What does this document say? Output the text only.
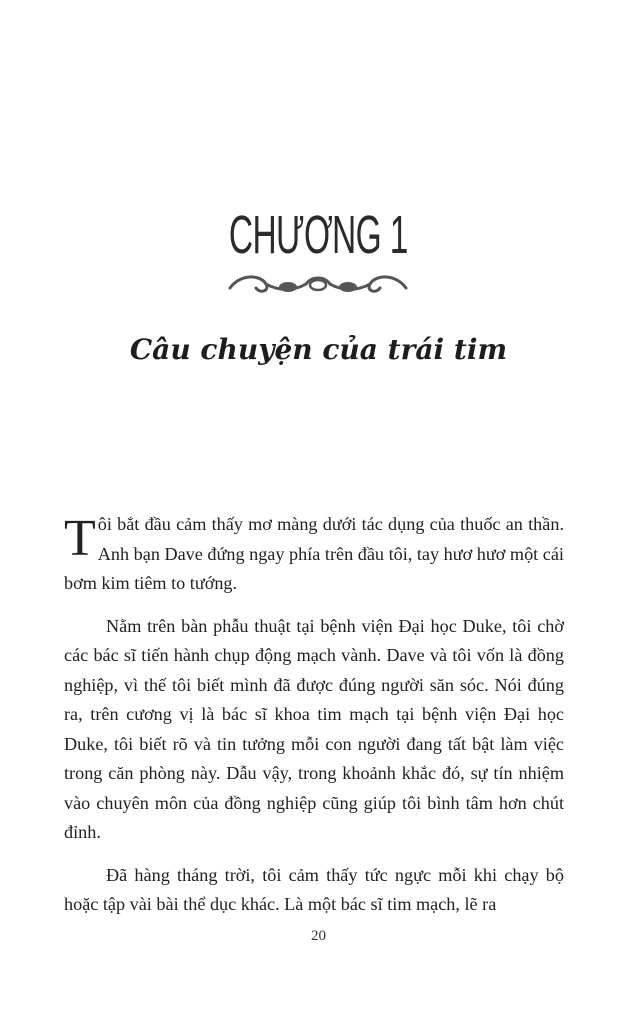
CHƯƠNG 1
Câu chuyện của trái tim

Tôi bắt đầu cảm thấy mơ màng dưới tác dụng của thuốc an thần. Anh bạn Dave đứng ngay phía trên đầu tôi, tay hươ hươ một cái bơm kim tiêm to tướng.

Nằm trên bàn phẫu thuật tại bệnh viện Đại học Duke, tôi chờ các bác sĩ tiến hành chụp động mạch vành. Dave và tôi vốn là đồng nghiệp, vì thế tôi biết mình đã được đúng người săn sóc. Nói đúng ra, trên cương vị là bác sĩ khoa tim mạch tại bệnh viện Đại học Duke, tôi biết rõ và tin tưởng mỗi con người đang tất bật làm việc trong căn phòng này. Dẫu vậy, trong khoảnh khắc đó, sự tín nhiệm vào chuyên môn của đồng nghiệp cũng giúp tôi bình tâm hơn chút đỉnh.

Đã hàng tháng trời, tôi cảm thấy tức ngực mỗi khi chạy bộ hoặc tập vài bài thể dục khác. Là một bác sĩ tim mạch, lẽ ra

20
